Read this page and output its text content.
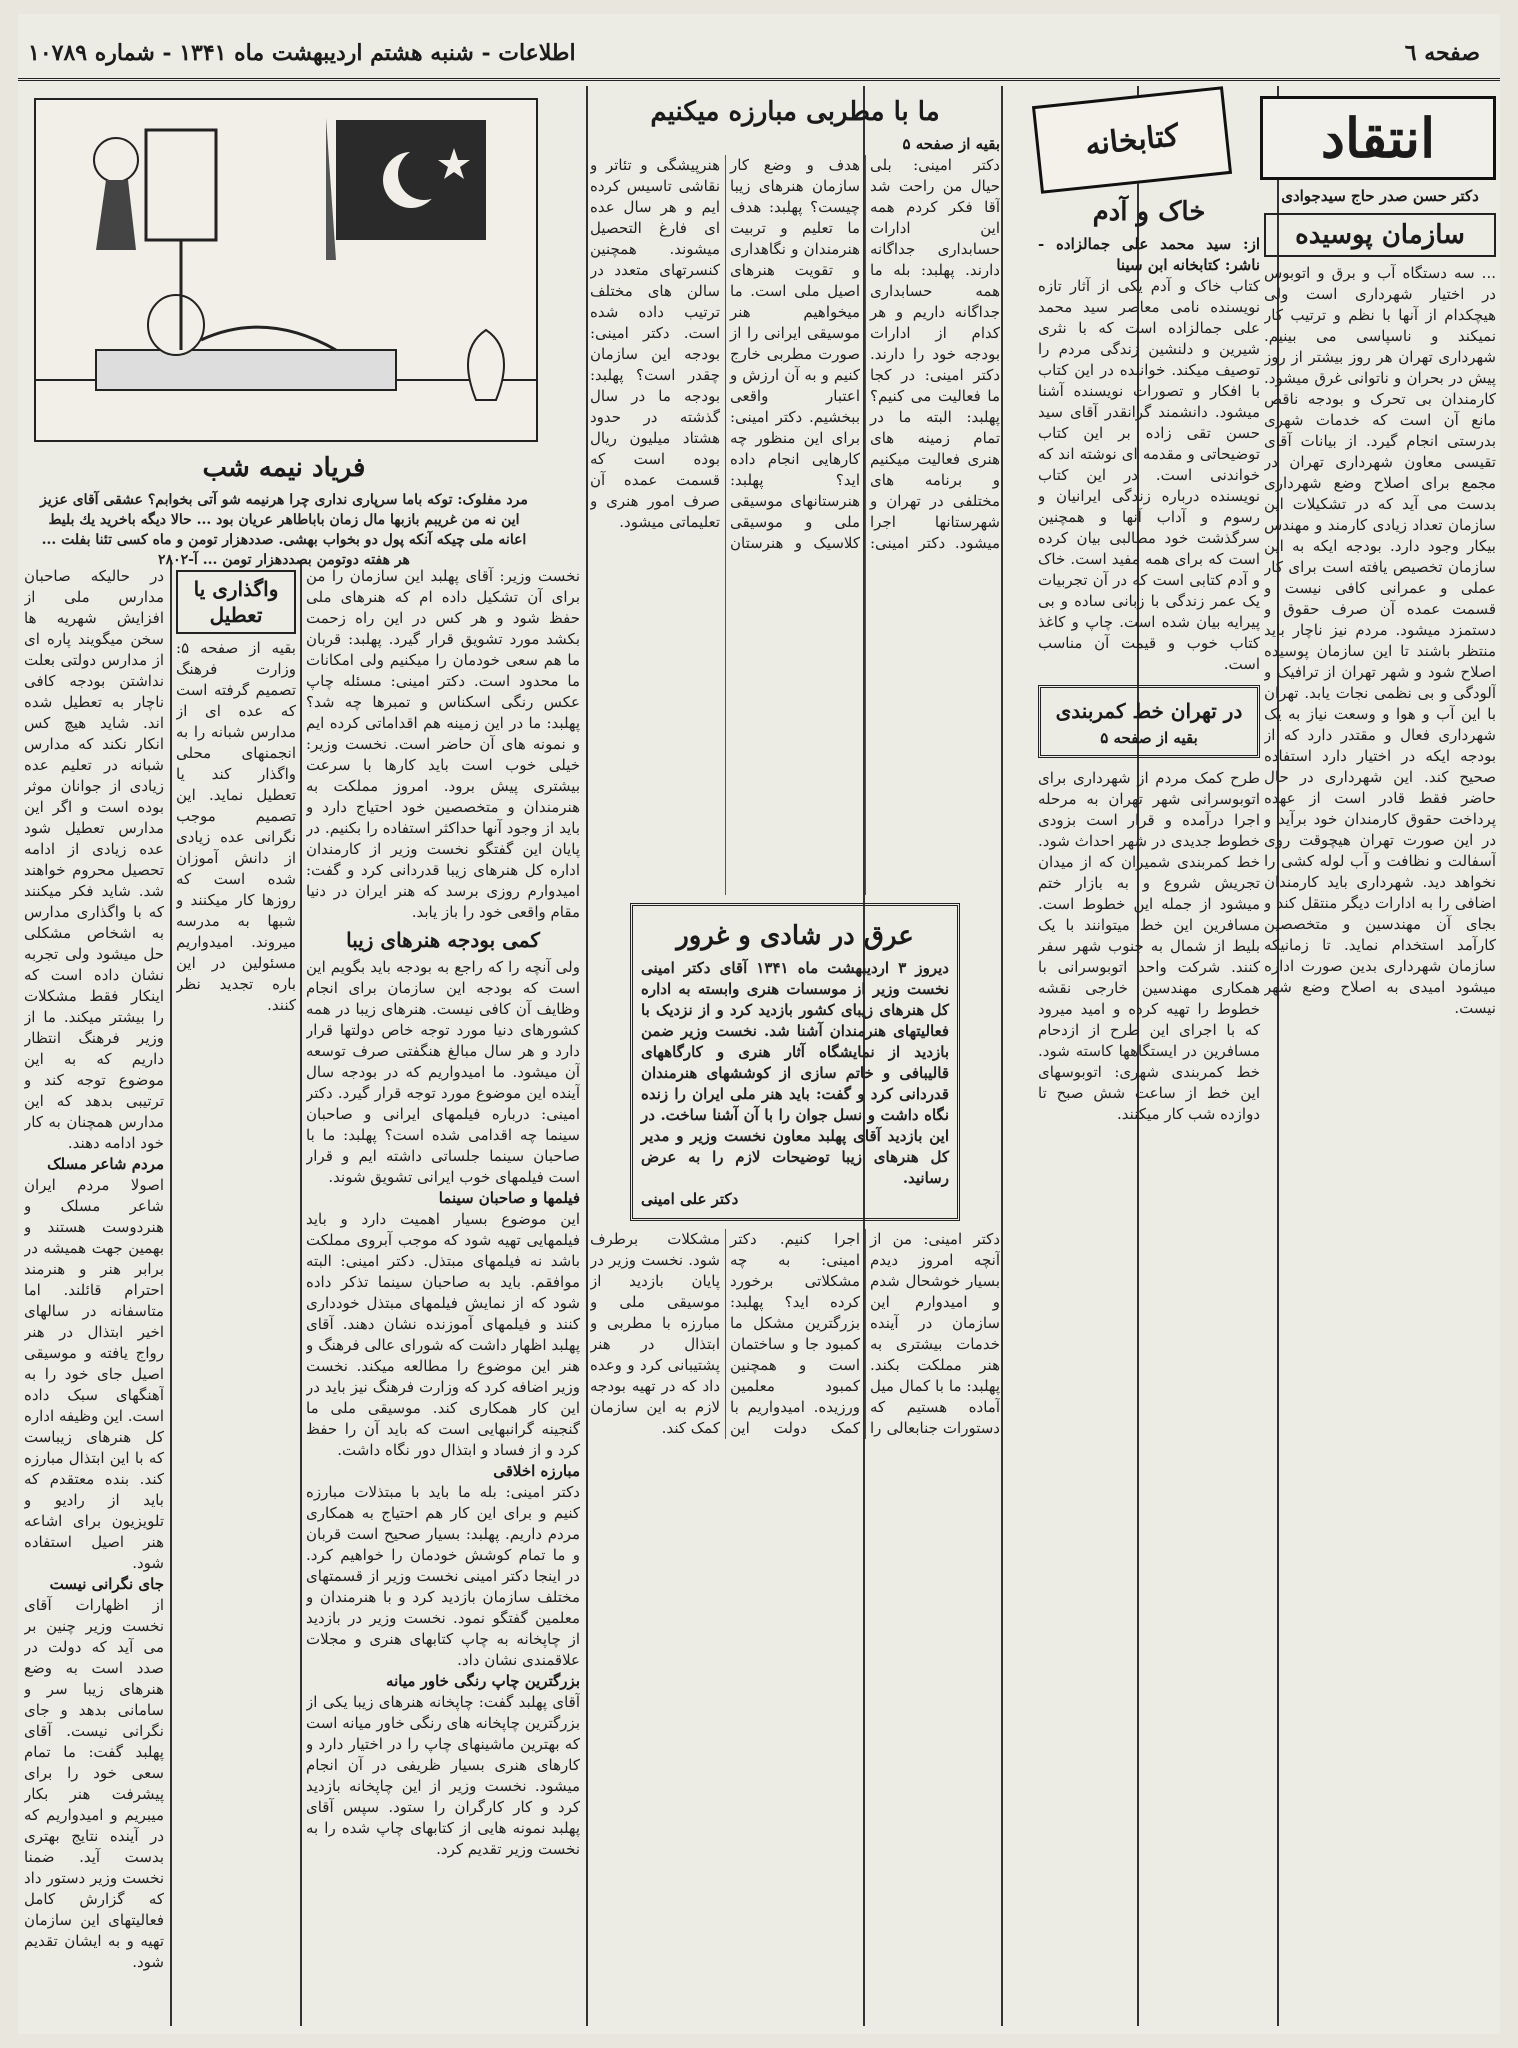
صفحه ٦
اطلاعات - شنبه هشتم اردیبهشت ماه ۱۳۴۱ - شماره ۱۰۷۸۹
انتقاد
دکتر حسن صدر حاج سیدجوادی
سازمان پوسیده
... سه دستگاه آب و برق و اتوبوس در اختیار شهرداری است ولی هیچکدام از آنها با نظم و ترتیب کار نمیکند و ناسپاسی می بینیم. شهرداری تهران هر روز بیشتر از روز پیش در بحران و ناتوانی غرق میشود. کارمندان بی تحرک و بودجه ناقص مانع آن است که خدمات شهری بدرستی انجام گیرد. از بیانات آقای تقیسی معاون شهرداری تهران در مجمع برای اصلاح وضع شهرداری بدست می آید که در تشکیلات این سازمان تعداد زیادی کارمند و مهندس بیکار وجود دارد. بودجه ایکه به این سازمان تخصیص یافته است برای کار عملی و عمرانی کافی نیست و قسمت عمده آن صرف حقوق و دستمزد میشود. مردم نیز ناچار باید منتظر باشند تا این سازمان پوسیده اصلاح شود و شهر تهران از ترافیک و آلودگی و بی نظمی نجات یابد. تهران با این آب و هوا و وسعت نیاز به یک شهرداری فعال و مقتدر دارد که از بودجه ایکه در اختیار دارد استفاده صحیح کند. این شهرداری در حال حاضر فقط قادر است از عهده پرداخت حقوق کارمندان خود برآید و در این صورت تهران هیچوقت روی آسفالت و نظافت و آب لوله کشی را نخواهد دید. شهرداری باید کارمندان اضافی را به ادارات دیگر منتقل کند و بجای آن مهندسین و متخصصین کارآمد استخدام نماید. تا زمانیکه سازمان شهرداری بدین صورت اداره میشود امیدی به اصلاح وضع شهر نیست.
کتابخانه
خاک و آدم
از: سید محمد علی جمالزاده - ناشر: کتابخانه ابن سینا
کتاب خاک و آدم یکی از آثار تازه نویسنده نامی معاصر سید محمد علی جمالزاده است که با نثری شیرین و دلنشین زندگی مردم را توصیف میکند. خواننده در این کتاب با افکار و تصورات نویسنده آشنا میشود. دانشمند گرانقدر آقای سید حسن تقی زاده بر این کتاب توضیحاتی و مقدمه ای نوشته اند که خواندنی است. در این کتاب نویسنده درباره زندگی ایرانیان و رسوم و آداب آنها و همچنین سرگذشت خود مطالبی بیان کرده است که برای همه مفید است. خاک و آدم کتابی است که در آن تجربیات یک عمر زندگی با زبانی ساده و بی پیرایه بیان شده است. چاپ و کاغذ کتاب خوب و قیمت آن مناسب است.
در تهران خط کمربندی
بقیه از صفحه ۵
طرح کمک مردم از شهرداری برای اتوبوسرانی شهر تهران به مرحله اجرا درآمده و قرار است بزودی خطوط جدیدی در شهر احداث شود. خط کمربندی شمیران که از میدان تجریش شروع و به بازار ختم میشود از جمله این خطوط است. مسافرین این خط میتوانند با یک بلیط از شمال به جنوب شهر سفر کنند. شرکت واحد اتوبوسرانی با همکاری مهندسین خارجی نقشه خطوط را تهیه کرده و امید میرود که با اجرای این طرح از ازدحام مسافرین در ایستگاهها کاسته شود. خط کمربندی شهری: اتوبوسهای این خط از ساعت شش صبح تا دوازده شب کار میکنند.
ما با مطربی مبارزه میکنیم
بقیه از صفحه ۵
دکتر امینی: بلی حیال من راحت شد آقا فکر کردم همه این ادارات حسابداری جداگانه دارند. پهلبد: بله ما همه حسابداری جداگانه داریم و هر کدام از ادارات بودجه خود را دارند. دکتر امینی: در کجا ما فعالیت می کنیم؟ پهلبد: البته ما در تمام زمینه های هنری فعالیت میکنیم و برنامه های مختلفی در تهران و شهرستانها اجرا میشود. دکتر امینی: هدف و وضع کار سازمان هنرهای زیبا چیست؟ پهلبد: هدف ما تعلیم و تربیت هنرمندان و نگاهداری و تقویت هنرهای اصیل ملی است. ما میخواهیم هنر موسیقی ایرانی را از صورت مطربی خارج کنیم و به آن ارزش و اعتبار واقعی ببخشیم. دکتر امینی: برای این منظور چه کارهایی انجام داده اید؟ پهلبد: هنرستانهای موسیقی ملی و موسیقی کلاسیک و هنرستان هنرپیشگی و تئاتر و نقاشی تاسیس کرده ایم و هر سال عده ای فارغ التحصیل میشوند. همچنین کنسرتهای متعدد در سالن های مختلف ترتیب داده شده است. دکتر امینی: بودجه این سازمان چقدر است؟ پهلبد: بودجه ما در سال گذشته در حدود هشتاد میلیون ریال بوده است که قسمت عمده آن صرف امور هنری و تعلیماتی میشود.
عرق در شادی و غرور
دیروز ۳ اردیبهشت ماه ۱۳۴۱ آقای دکتر امینی نخست وزیر از موسسات هنری وابسته به اداره کل هنرهای زیبای کشور بازدید کرد و از نزدیک با فعالیتهای هنرمندان آشنا شد. نخست وزیر ضمن بازدید از نمایشگاه آثار هنری و کارگاههای قالیبافی و خاتم سازی از کوششهای هنرمندان قدردانی کرد و گفت: باید هنر ملی ایران را زنده نگاه داشت و نسل جوان را با آن آشنا ساخت. در این بازدید آقای پهلبد معاون نخست وزیر و مدیر کل هنرهای زیبا توضیحات لازم را به عرض رسانید.
دکتر علی امینی
دکتر امینی: من از آنچه امروز دیدم بسیار خوشحال شدم و امیدوارم این سازمان در آینده خدمات بیشتری به هنر مملکت بکند. پهلبد: ما با کمال میل آماده هستیم که دستورات جنابعالی را اجرا کنیم. دکتر امینی: به چه مشکلاتی برخورد کرده اید؟ پهلبد: بزرگترین مشکل ما کمبود جا و ساختمان است و همچنین کمبود معلمین ورزیده. امیدواریم با کمک دولت این مشکلات برطرف شود. نخست وزیر در پایان بازدید از موسیقی ملی و مبارزه با مطربی و ابتذال در هنر پشتیبانی کرد و وعده داد که در تهیه بودجه لازم به این سازمان کمک کند.
فریاد نیمه شب
مرد مفلوک: توکه باما سرپاری نداری چرا هرنیمه شو آتی بخوابم؟ عشقی آقای عزیز این نه من غریبم بازبها مال زمان باباطاهر عریان بود ... حالا دیگه باخرید یك بلیط اعانه ملی چیکه آنکه پول دو بخواب بهشی. صددهزار تومن و ماه کسی تئنا بفلت ... هر هفته دوتومن بصددهزار تومن ... آ-۲۸۰۲
نخست وزیر: آقای پهلبد این سازمان را من برای آن تشکیل داده ام که هنرهای ملی حفظ شود و هر کس در این راه زحمت بکشد مورد تشویق قرار گیرد. پهلبد: قربان ما هم سعی خودمان را میکنیم ولی امکانات ما محدود است. دکتر امینی: مسئله چاپ عکس رنگی اسکناس و تمبرها چه شد؟ پهلبد: ما در این زمینه هم اقداماتی کرده ایم و نمونه های آن حاضر است. نخست وزیر: خیلی خوب است باید کارها با سرعت بیشتری پیش برود. امروز مملکت به هنرمندان و متخصصین خود احتیاج دارد و باید از وجود آنها حداکثر استفاده را بکنیم. در پایان این گفتگو نخست وزیر از کارمندان اداره کل هنرهای زیبا قدردانی کرد و گفت: امیدوارم روزی برسد که هنر ایران در دنیا مقام واقعی خود را باز یابد.
کمی بودجه هنرهای زیبا
ولی آنچه را که راجع به بودجه باید بگویم این است که بودجه این سازمان برای انجام وظایف آن کافی نیست. هنرهای زیبا در همه کشورهای دنیا مورد توجه خاص دولتها قرار دارد و هر سال مبالغ هنگفتی صرف توسعه آن میشود. ما امیدواریم که در بودجه سال آینده این موضوع مورد توجه قرار گیرد. دکتر امینی: درباره فیلمهای ایرانی و صاحبان سینما چه اقدامی شده است؟ پهلبد: ما با صاحبان سینما جلساتی داشته ایم و قرار است فیلمهای خوب ایرانی تشویق شوند.
فیلمها و صاحبان سینما
این موضوع بسیار اهمیت دارد و باید فیلمهایی تهیه شود که موجب آبروی مملکت باشد نه فیلمهای مبتذل. دکتر امینی: البته موافقم. باید به صاحبان سینما تذکر داده شود که از نمایش فیلمهای مبتذل خودداری کنند و فیلمهای آموزنده نشان دهند. آقای پهلبد اظهار داشت که شورای عالی فرهنگ و هنر این موضوع را مطالعه میکند. نخست وزیر اضافه کرد که وزارت فرهنگ نیز باید در این کار همکاری کند. موسیقی ملی ما گنجینه گرانبهایی است که باید آن را حفظ کرد و از فساد و ابتذال دور نگاه داشت.
مبارزه اخلاقی
دکتر امینی: بله ما باید با مبتذلات مبارزه کنیم و برای این کار هم احتیاج به همکاری مردم داریم. پهلبد: بسیار صحیح است قربان و ما تمام کوشش خودمان را خواهیم کرد. در اینجا دکتر امینی نخست وزیر از قسمتهای مختلف سازمان بازدید کرد و با هنرمندان و معلمین گفتگو نمود. نخست وزیر در بازدید از چاپخانه به چاپ کتابهای هنری و مجلات علاقمندی نشان داد.
بزرگترین چاپ رنگی خاور میانه
آقای پهلبد گفت: چاپخانه هنرهای زیبا یکی از بزرگترین چاپخانه های رنگی خاور میانه است که بهترین ماشینهای چاپ را در اختیار دارد و کارهای هنری بسیار ظریفی در آن انجام میشود. نخست وزیر از این چاپخانه بازدید کرد و کار کارگران را ستود. سپس آقای پهلبد نمونه هایی از کتابهای چاپ شده را به نخست وزیر تقدیم کرد.
در حالیکه صاحبان مدارس ملی از افزایش شهریه ها سخن میگویند پاره ای از مدارس دولتی بعلت نداشتن بودجه کافی ناچار به تعطیل شده اند. شاید هیچ کس انکار نکند که مدارس شبانه در تعلیم عده زیادی از جوانان موثر بوده است و اگر این مدارس تعطیل شود عده زیادی از ادامه تحصیل محروم خواهند شد. شاید فکر میکنند که با واگذاری مدارس به اشخاص مشکلی حل میشود ولی تجربه نشان داده است که اینکار فقط مشکلات را بیشتر میکند. ما از وزیر فرهنگ انتظار داریم که به این موضوع توجه کند و ترتیبی بدهد که این مدارس همچنان به کار خود ادامه دهند.
مردم شاعر مسلک
اصولا مردم ایران شاعر مسلک و هنردوست هستند و بهمین جهت همیشه در برابر هنر و هنرمند احترام قائلند. اما متاسفانه در سالهای اخیر ابتذال در هنر رواج یافته و موسیقی اصیل جای خود را به آهنگهای سبک داده است. این وظیفه اداره کل هنرهای زیباست که با این ابتذال مبارزه کند. بنده معتقدم که باید از رادیو و تلویزیون برای اشاعه هنر اصیل استفاده شود.
جای نگرانی نیست
از اظهارات آقای نخست وزیر چنین بر می آید که دولت در صدد است به وضع هنرهای زیبا سر و سامانی بدهد و جای نگرانی نیست. آقای پهلبد گفت: ما تمام سعی خود را برای پیشرفت هنر بکار میبریم و امیدواریم که در آینده نتایج بهتری بدست آید. ضمنا نخست وزیر دستور داد که گزارش کامل فعالیتهای این سازمان تهیه و به ایشان تقدیم شود.
واگذاری یا تعطیل
بقیه از صفحه ۵: وزارت فرهنگ تصمیم گرفته است که عده ای از مدارس شبانه را به انجمنهای محلی واگذار کند یا تعطیل نماید. این تصمیم موجب نگرانی عده زیادی از دانش آموزان شده است که روزها کار میکنند و شبها به مدرسه میروند. امیدواریم مسئولین در این باره تجدید نظر کنند.
